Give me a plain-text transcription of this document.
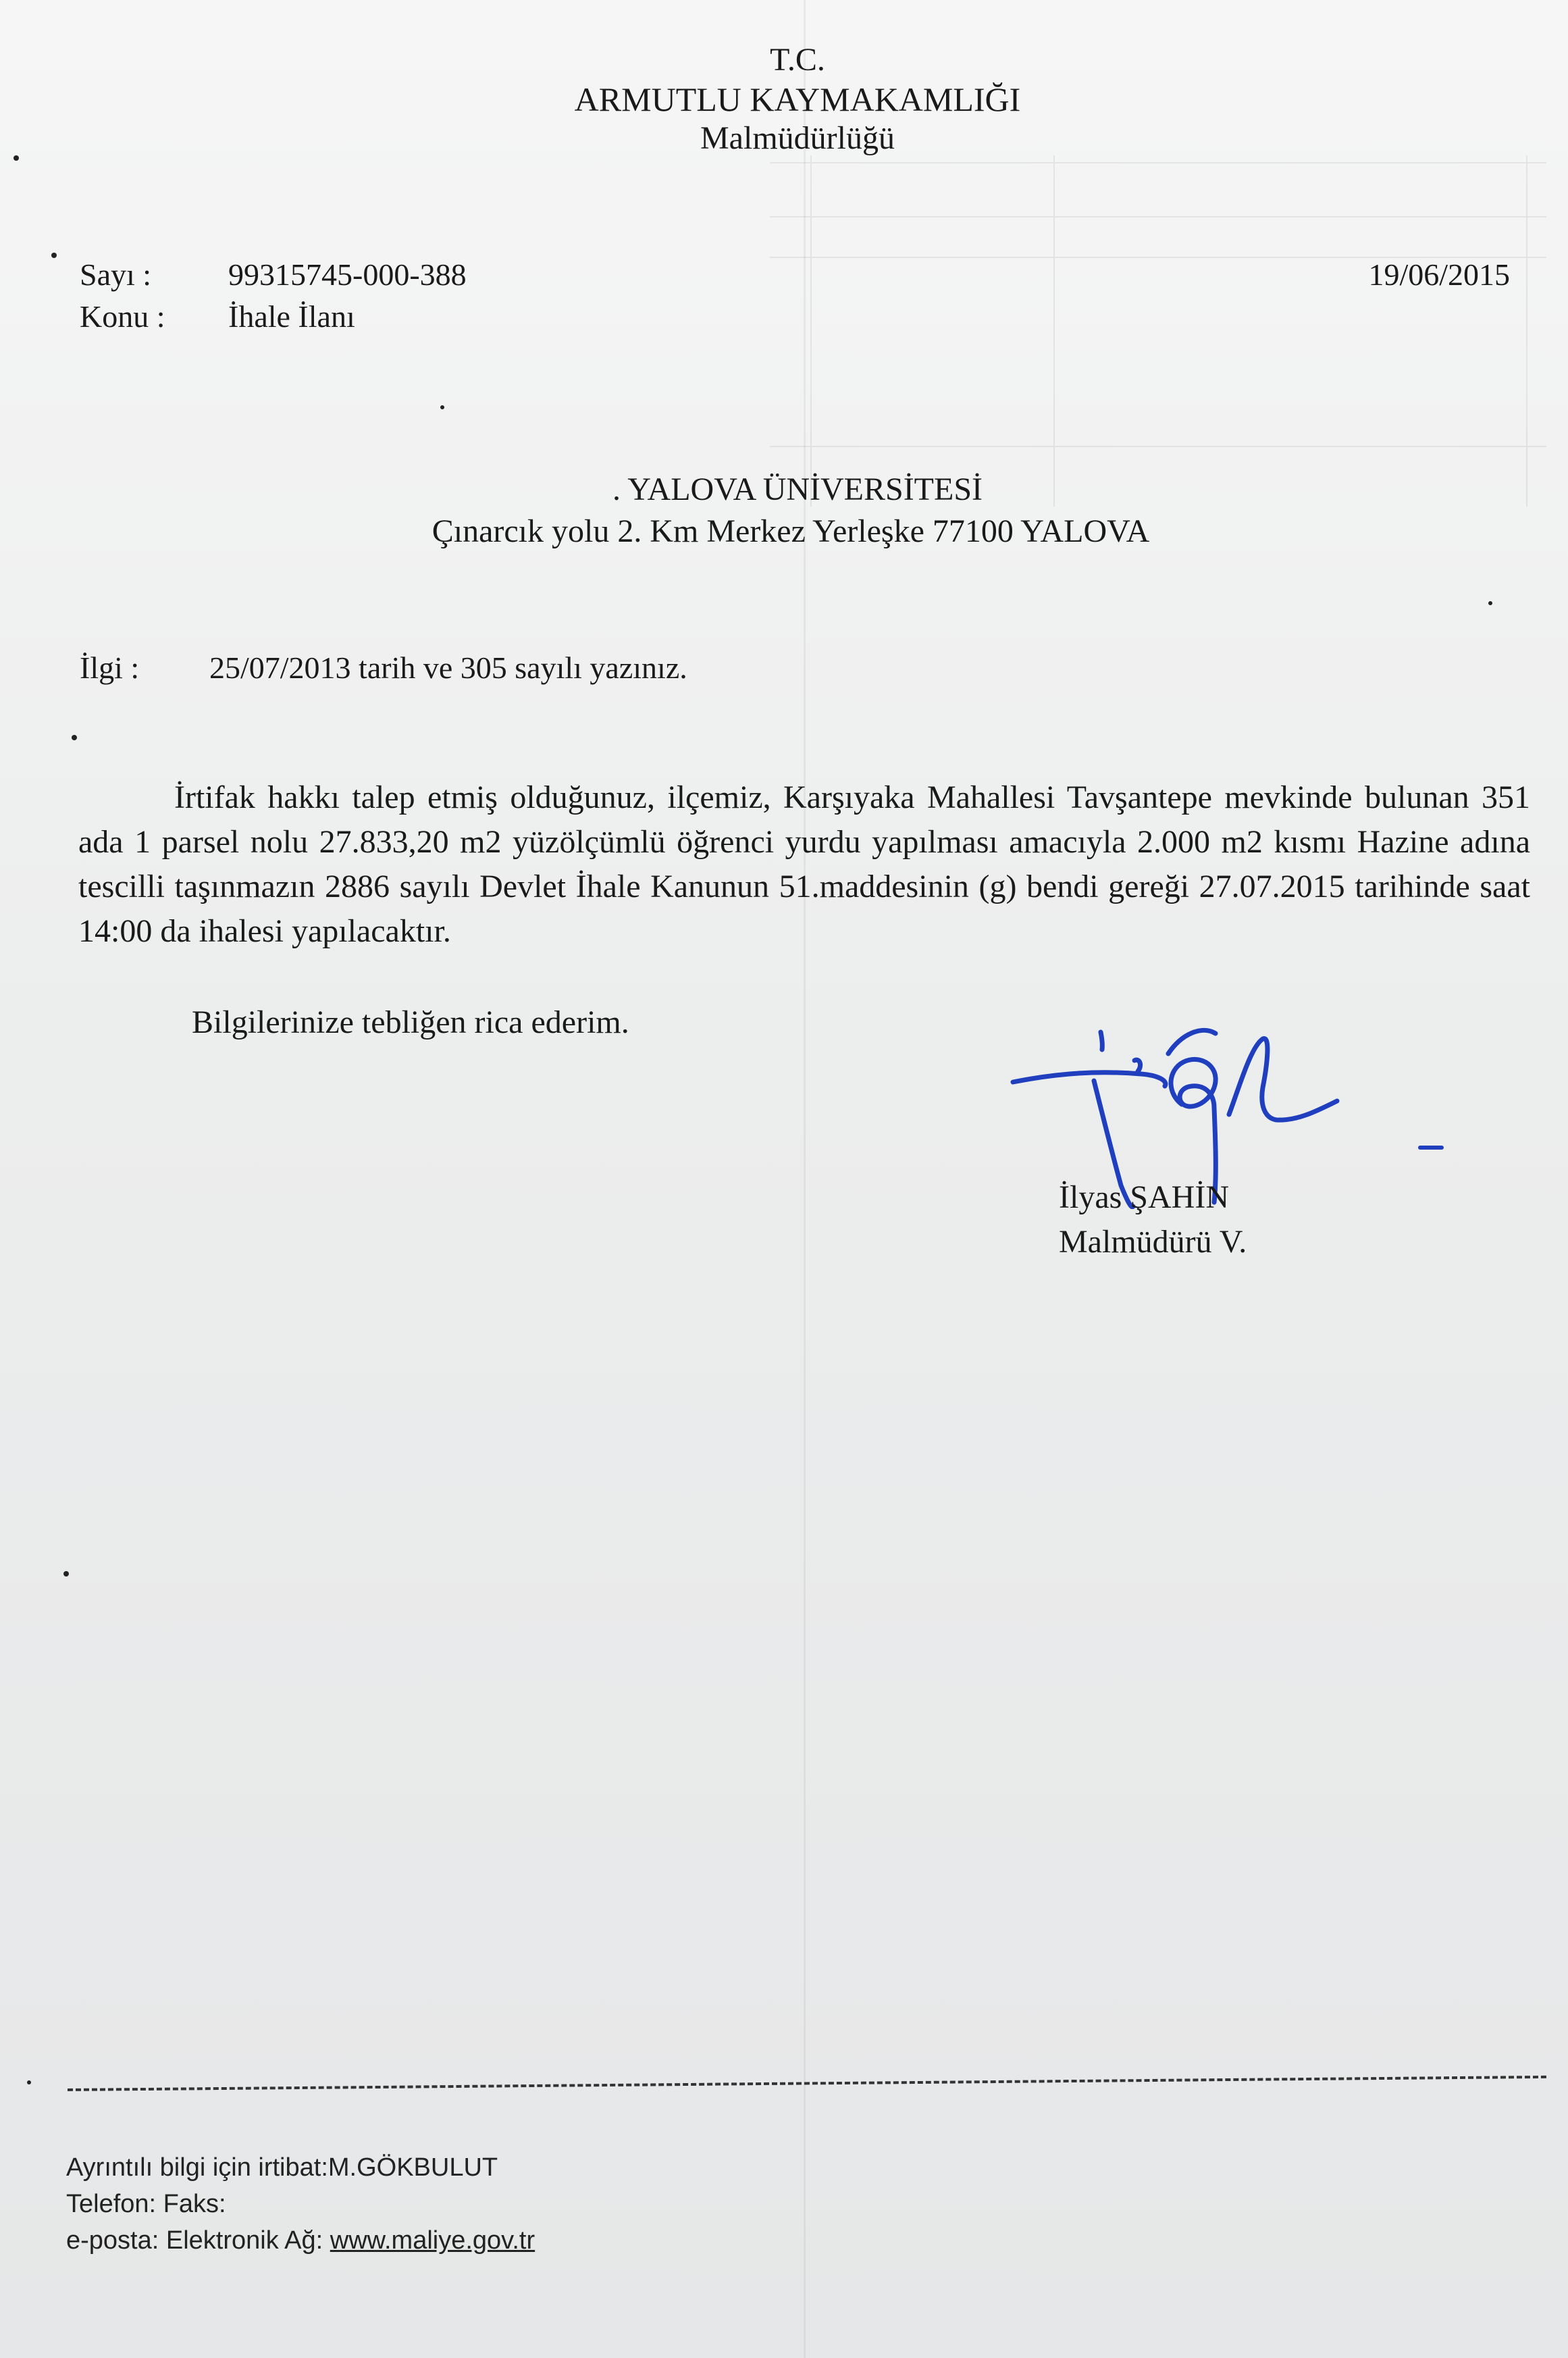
T.C.
ARMUTLU KAYMAKAMLIĞI
Malmüdürlüğü
Sayı :	99315745-000-388
Konu :	İhale İlanı
19/06/2015
. YALOVA ÜNİVERSİTESİ
Çınarcık yolu 2. Km Merkez Yerleşke 77100 YALOVA
İlgi :	25/07/2013 tarih ve 305 sayılı yazınız.
İrtifak hakkı talep etmiş olduğunuz, ilçemiz, Karşıyaka Mahallesi Tavşantepe mevkinde bulunan 351 ada 1 parsel nolu 27.833,20 m2 yüzölçümlü öğrenci yurdu yapılması amacıyla 2.000 m2 kısmı Hazine adına tescilli taşınmazın 2886 sayılı Devlet İhale Kanunun 51.maddesinin (g) bendi gereği 27.07.2015 tarihinde saat 14:00 da ihalesi yapılacaktır.
Bilgilerinize tebliğen rica ederim.
İlyas ŞAHİN
Malmüdürü V.
Ayrıntılı bilgi için irtibat:M.GÖKBULUT
Telefon: Faks:
e-posta: Elektronik Ağ: www.maliye.gov.tr
